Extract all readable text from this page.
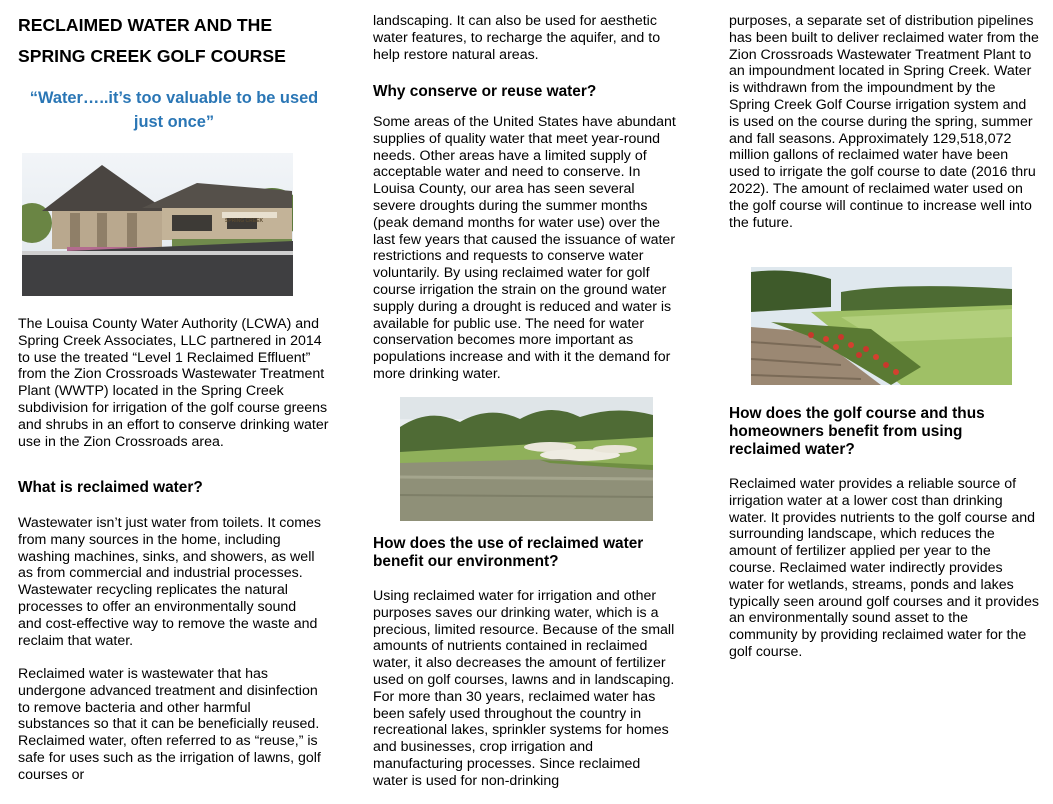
RECLAIMED WATER AND THE SPRING CREEK GOLF COURSE
“Water…..it’s too valuable to be used just once”
SPRING CREEK

The Louisa County Water Authority (LCWA) and Spring Creek Associates, LLC partnered in 2014 to use the treated “Level 1 Reclaimed Effluent” from the Zion Crossroads Wastewater Treatment Plant (WWTP) located in the Spring Creek subdivision for irrigation of the golf course greens and shrubs in an effort to conserve drinking water use in the Zion Crossroads area.

What is reclaimed water?

Wastewater isn’t just water from toilets. It comes from many sources in the home, including washing machines, sinks, and showers, as well as from commercial and industrial processes. Wastewater recycling replicates the natural processes to offer an environmentally sound and cost-effective way to remove the waste and reclaim that water.

Reclaimed water is wastewater that has undergone advanced treatment and disinfection to remove bacteria and other harmful substances so that it can be beneficially reused. Reclaimed water, often referred to as “reuse,” is safe for uses such as the irrigation of lawns, golf courses or

landscaping. It can also be used for aesthetic water features, to recharge the aquifer, and to help restore natural areas.

Why conserve or reuse water?

Some areas of the United States have abundant supplies of quality water that meet year-round needs. Other areas have a limited supply of acceptable water and need to conserve. In Louisa County, our area has seen several severe droughts during the summer months (peak demand months for water use) over the last few years that caused the issuance of water restrictions and requests to conserve water voluntarily. By using reclaimed water for golf course irrigation the strain on the ground water supply during a drought is reduced and water is available for public use. The need for water conservation becomes more important as populations increase and with it the demand for more drinking water.

How does the use of reclaimed water benefit our environment?

Using reclaimed water for irrigation and other purposes saves our drinking water, which is a precious, limited resource. Because of the small amounts of nutrients contained in reclaimed water, it also decreases the amount of fertilizer used on golf courses, lawns and in landscaping. For more than 30 years, reclaimed water has been safely used throughout the country in recreational lakes, sprinkler systems for homes and businesses, crop irrigation and manufacturing processes. Since reclaimed water is used for non-drinking

purposes, a separate set of distribution pipelines has been built to deliver reclaimed water from the Zion Crossroads Wastewater Treatment Plant to an impoundment located in Spring Creek. Water is withdrawn from the impoundment by the Spring Creek Golf Course irrigation system and is used on the course during the spring, summer and fall seasons. Approximately 129,518,072 million gallons of reclaimed water have been used to irrigate the golf course to date (2016 thru 2022). The amount of reclaimed water used on the golf course will continue to increase well into the future.

How does the golf course and thus homeowners benefit from using reclaimed water?

Reclaimed water provides a reliable source of irrigation water at a lower cost than drinking water. It provides nutrients to the golf course and surrounding landscape, which reduces the amount of fertilizer applied per year to the course. Reclaimed water indirectly provides water for wetlands, streams, ponds and lakes typically seen around golf courses and it provides an environmentally sound asset to the community by providing reclaimed water for the golf course.
